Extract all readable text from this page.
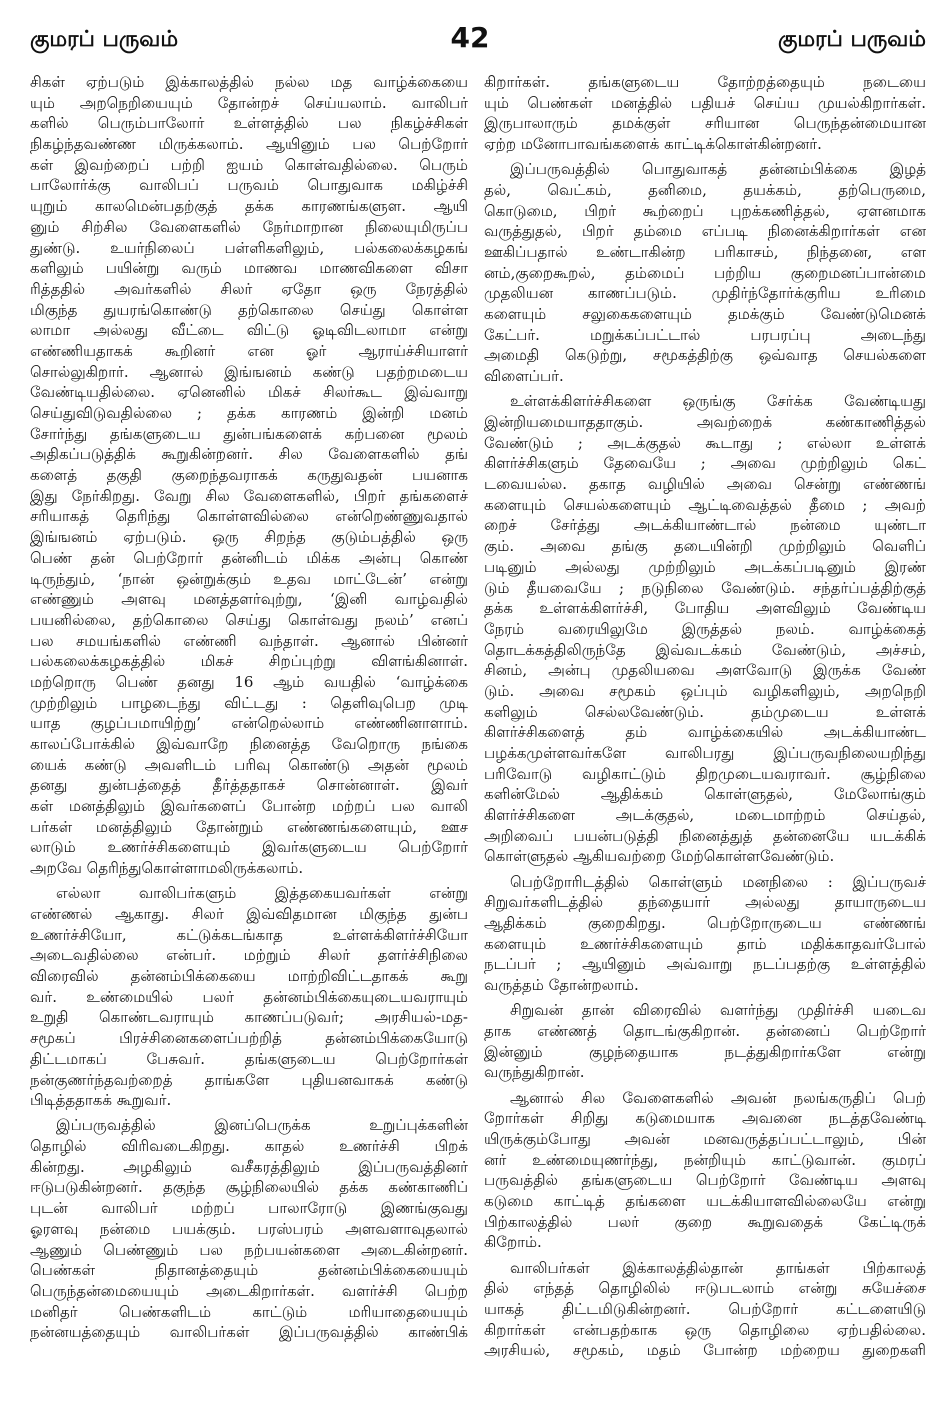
குமரப் பருவம்	42	குமரப் பருவம்
சிகள் ஏற்படும் இக்காலத்தில் நல்ல மத வாழ்க்கையை
யும் அறநெறியையும் தோன்றச் செய்யலாம். வாலிபர்
களில் பெரும்பாலோர் உள்ளத்தில் பல நிகழ்ச்சிகள்
நிகழ்ந்தவண்ண மிருக்கலாம். ஆயினும் பல பெற்றோர்
கள் இவற்றைப் பற்றி ஐயம் கொள்வதில்லை. பெரும்
பாலோர்க்கு வாலிபப் பருவம் பொதுவாக மகிழ்ச்சி
யுறும் காலமென்பதற்குத் தக்க காரணங்களுள. ஆயி
னும் சிற்சில வேளைகளில் நேர்மாறான நிலையுமிருப்ப
துண்டு. உயர்நிலைப் பள்ளிகளிலும், பல்கலைக்கழகங்
களிலும் பயின்று வரும் மாணவ மாணவிகளை விசா
ரித்ததில் அவர்களில் சிலர் ஏதோ ஒரு நேரத்தில்
மிகுந்த துயரங்கொண்டு தற்கொலை செய்து கொள்ள
லாமா அல்லது வீட்டை விட்டு ஓடிவிடலாமா என்று
எண்ணியதாகக் கூறினர் என ஓர் ஆராய்ச்சியாளர்
சொல்லுகிறார். ஆனால் இங்ஙனம் கண்டு பதற்றமடைய
வேண்டியதில்லை. ஏனெனில் மிகச் சிலர்கூட இவ்வாறு
செய்துவிடுவதில்லை ; தக்க காரணம் இன்றி மனம்
சோர்ந்து தங்களுடைய துன்பங்களைக் கற்பனை மூலம்
அதிகப்படுத்திக் கூறுகின்றனர். சில வேளைகளில் தங்
களைத் தகுதி குறைந்தவராகக் கருதுவதன் பயனாக
இது நேர்கிறது. வேறு சில வேளைகளில், பிறர் தங்களைச்
சரியாகத் தெரிந்து கொள்ளவில்லை என்றெண்ணுவதால்
இங்ஙனம் ஏற்படும். ஒரு சிறந்த குடும்பத்தில் ஒரு
பெண் தன் பெற்றோர் தன்னிடம் மிக்க அன்பு கொண்
டிருந்தும், ‘நான் ஒன்றுக்கும் உதவ மாட்டேன்’ என்று
எண்ணும் அளவு மனத்தளர்வுற்று, ‘இனி வாழ்வதில்
பயனில்லை, தற்கொலை செய்து கொள்வது நலம்’ எனப்
பல சமயங்களில் எண்ணி வந்தாள். ஆனால் பின்னர்
பல்கலைக்கழகத்தில் மிகச் சிறப்புற்று விளங்கினாள்.
மற்றொரு பெண் தனது 16 ஆம் வயதில் ‘வாழ்க்கை
முற்றிலும் பாழடைந்து விட்டது : தெளிவுபெற முடி
யாத குழப்பமாயிற்று’ என்றெல்லாம் எண்ணினாளாம்.
காலப்போக்கில் இவ்வாறே நினைத்த வேறொரு நங்கை
யைக் கண்டு அவளிடம் பரிவு கொண்டு அதன் மூலம்
தனது துன்பத்தைத் தீர்த்ததாகச் சொன்னாள். இவர்
கள் மனத்திலும் இவர்களைப் போன்ற மற்றப் பல வாலி
பர்கள் மனத்திலும் தோன்றும் எண்ணங்களையும், ஊச
லாடும் உணர்ச்சிகளையும் இவர்களுடைய பெற்றோர்
அறவே தெரிந்துகொள்ளாமலிருக்கலாம்.
எல்லா வாலிபர்களும் இத்தகையவர்கள் என்று
எண்ணல் ஆகாது. சிலர் இவ்விதமான மிகுந்த துன்ப
உணர்ச்சியோ, கட்டுக்கடங்காத உள்ளக்கிளர்ச்சியோ
அடைவதில்லை என்பர். மற்றும் சிலர் தளர்ச்சிநிலை
விரைவில் தன்னம்பிக்கையை மாற்றிவிட்டதாகக் கூறு
வர். உண்மையில் பலர் தன்னம்பிக்கையுடையவராயும்
உறுதி கொண்டவராயும் காணப்படுவர்; அரசியல்-மத-
சமூகப் பிரச்சினைகளைப்பற்றித் தன்னம்பிக்கையோடு
திட்டமாகப் பேசுவர். தங்களுடைய பெற்றோர்கள்
நன்குணர்ந்தவற்றைத் தாங்களே புதியனவாகக் கண்டு
பிடித்ததாகக் கூறுவர்.
இப்பருவத்தில் இனப்பெருக்க உறுப்புக்களின்
தொழில் விரிவடைகிறது. காதல் உணர்ச்சி பிறக்
கின்றது. அழகிலும் வசீகரத்திலும் இப்பருவத்தினர்
ஈடுபடுகின்றனர். தகுந்த சூழ்நிலையில் தக்க கண்காணிப்
புடன் வாலிபர் மற்றப் பாலாரோடு இணங்குவது
ஓரளவு நன்மை பயக்கும். பரஸ்பரம் அளவளாவுதலால்
ஆணும் பெண்ணும் பல நற்பயன்களை அடைகின்றனர்.
பெண்கள் நிதானத்தையும் தன்னம்பிக்கையையும்
பெருந்தன்மையையும் அடைகிறார்கள். வளர்ச்சி பெற்ற
மனிதர் பெண்களிடம் காட்டும் மரியாதையையும்
நன்னயத்தையும் வாலிபர்கள் இப்பருவத்தில் காண்பிக்
கிறார்கள். தங்களுடைய தோற்றத்தையும் நடையை
யும் பெண்கள் மனத்தில் பதியச் செய்ய முயல்கிறார்கள்.
இருபாலாரும் தமக்குள் சரியான பெருந்தன்மையான
ஏற்ற மனோபாவங்களைக் காட்டிக்கொள்கின்றனர்.
இப்பருவத்தில் பொதுவாகத் தன்னம்பிக்கை இழத்
தல், வெட்கம், தனிமை, தயக்கம், தற்பெருமை,
கொடுமை, பிறர் கூற்றைப் புறக்கணித்தல், ஏளனமாக
வருத்துதல், பிறர் தம்மை எப்படி நினைக்கிறார்கள் என
ஊகிப்பதால் உண்டாகின்ற பரிகாசம், நிந்தனை, எள
னம்,குறைகூறல், தம்மைப் பற்றிய குறைமனப்பான்மை
முதலியன காணப்படும். முதிர்ந்தோர்க்குரிய உரிமை
களையும் சலுகைகளையும் தமக்கும் வேண்டுமெனக்
கேட்பர். மறுக்கப்பட்டால் பரபரப்பு அடைந்து
அமைதி கெடுற்று, சமூகத்திற்கு ஒவ்வாத செயல்களை
விளைப்பர்.
உள்ளக்கிளர்ச்சிகளை ஒருங்கு சேர்க்க வேண்டியது
இன்றியமையாததாகும். அவற்றைக் கண்காணித்தல்
வேண்டும் ; அடக்குதல் கூடாது ; எல்லா உள்ளக்
கிளர்ச்சிகளும் தேவையே ; அவை முற்றிலும் கெட்
டவையல்ல. தகாத வழியில் அவை சென்று எண்ணங்
களையும் செயல்களையும் ஆட்டிவைத்தல் தீமை ; அவற்
றைச் சேர்த்து அடக்கியாண்டால் நன்மை யுண்டா
கும். அவை தங்கு தடையின்றி முற்றிலும் வெளிப்
படினும் அல்லது முற்றிலும் அடக்கப்படினும் இரண்
டும் தீயவையே ; நடுநிலை வேண்டும். சந்தர்ப்பத்திற்குத்
தக்க உள்ளக்கிளர்ச்சி, போதிய அளவிலும் வேண்டிய
நேரம் வரையிலுமே இருத்தல் நலம். வாழ்க்கைத்
தொடக்கத்திலிருந்தே இவ்வடக்கம் வேண்டும், அச்சம்,
சினம், அன்பு முதலியவை அளவோடு இருக்க வேண்
டும். அவை சமூகம் ஒப்பும் வழிகளிலும், அறநெறி
களிலும் செல்லவேண்டும். தம்முடைய உள்ளக்
கிளர்ச்சிகளைத் தம் வாழ்க்கையில் அடக்கியாண்ட
பழக்கமுள்ளவர்களே வாலிபரது இப்பருவநிலையறிந்து
பரிவோடு வழிகாட்டும் திறமுடையவராவர். சூழ்நிலை
களின்மேல் ஆதிக்கம் கொள்ளுதல், மேலோங்கும்
கிளர்ச்சிகளை அடக்குதல், மடைமாற்றம் செய்தல்,
அறிவைப் பயன்படுத்தி நினைத்துத் தன்னையே யடக்கிக்
கொள்ளுதல் ஆகியவற்றை மேற்கொள்ளவேண்டும்.
பெற்றோரிடத்தில் கொள்ளும் மனநிலை : இப்பருவச்
சிறுவர்களிடத்தில் தந்தையார் அல்லது தாயாருடைய
ஆதிக்கம் குறைகிறது. பெற்றோருடைய எண்ணங்
களையும் உணர்ச்சிகளையும் தாம் மதிக்காதவர்போல்
நடப்பர் ; ஆயினும் அவ்வாறு நடப்பதற்கு உள்ளத்தில்
வருத்தம் தோன்றலாம்.
சிறுவன் தான் விரைவில் வளர்ந்து முதிர்ச்சி யடைவ
தாக எண்ணத் தொடங்குகிறான். தன்னைப் பெற்றோர்
இன்னும் குழந்தையாக நடத்துகிறார்களே என்று
வருந்துகிறான்.
ஆனால் சில வேளைகளில் அவன் நலங்கருதிப் பெற்
றோர்கள் சிறிது கடுமையாக அவனை நடத்தவேண்டி
யிருக்கும்போது அவன் மனவருத்தப்பட்டாலும், பின்
னர் உண்மையுணர்ந்து, நன்றியும் காட்டுவான். குமரப்
பருவத்தில் தங்களுடைய பெற்றோர் வேண்டிய அளவு
கடுமை காட்டித் தங்களை யடக்கியாளவில்லையே என்று
பிற்காலத்தில் பலர் குறை கூறுவதைக் கேட்டிருக்
கிறோம்.
வாலிபர்கள் இக்காலத்தில்தான் தாங்கள் பிற்காலத்
தில் எந்தத் தொழிலில் ஈடுபடலாம் என்று சுயேச்சை
யாகத் திட்டமிடுகின்றனர். பெற்றோர் கட்டளையிடு
கிறார்கள் என்பதற்காக ஒரு தொழிலை ஏற்பதில்லை.
அரசியல், சமூகம், மதம் போன்ற மற்றைய துறைகளி
